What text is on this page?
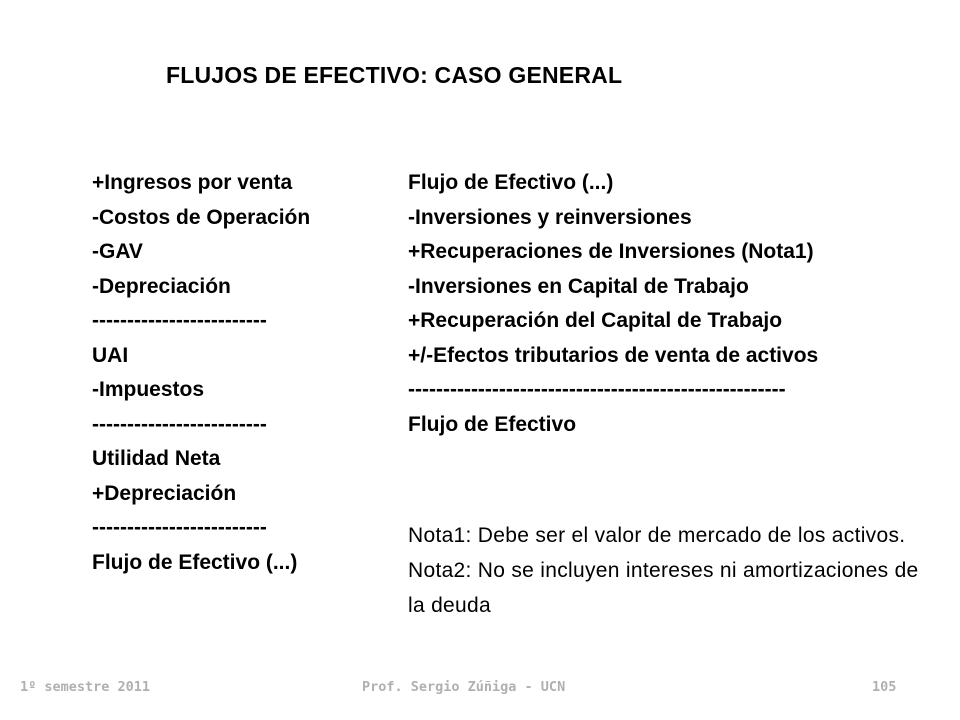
FLUJOS DE EFECTIVO: CASO GENERAL
+Ingresos por venta
-Costos de Operación
-GAV
-Depreciación
-------------------------
UAI
-Impuestos
-------------------------
Utilidad Neta
+Depreciación
-------------------------
Flujo de Efectivo (...)
Flujo de Efectivo (...)
-Inversiones y reinversiones
+Recuperaciones de Inversiones (Nota1)
-Inversiones en Capital de Trabajo
+Recuperación del Capital de Trabajo
+/-Efectos tributarios de venta de activos
------------------------------------------------------
Flujo de Efectivo
Nota1: Debe ser el valor de mercado de los activos.
Nota2: No se incluyen intereses ni amortizaciones de la deuda
1º semestre 2011	Prof. Sergio Zúñiga - UCN	105
